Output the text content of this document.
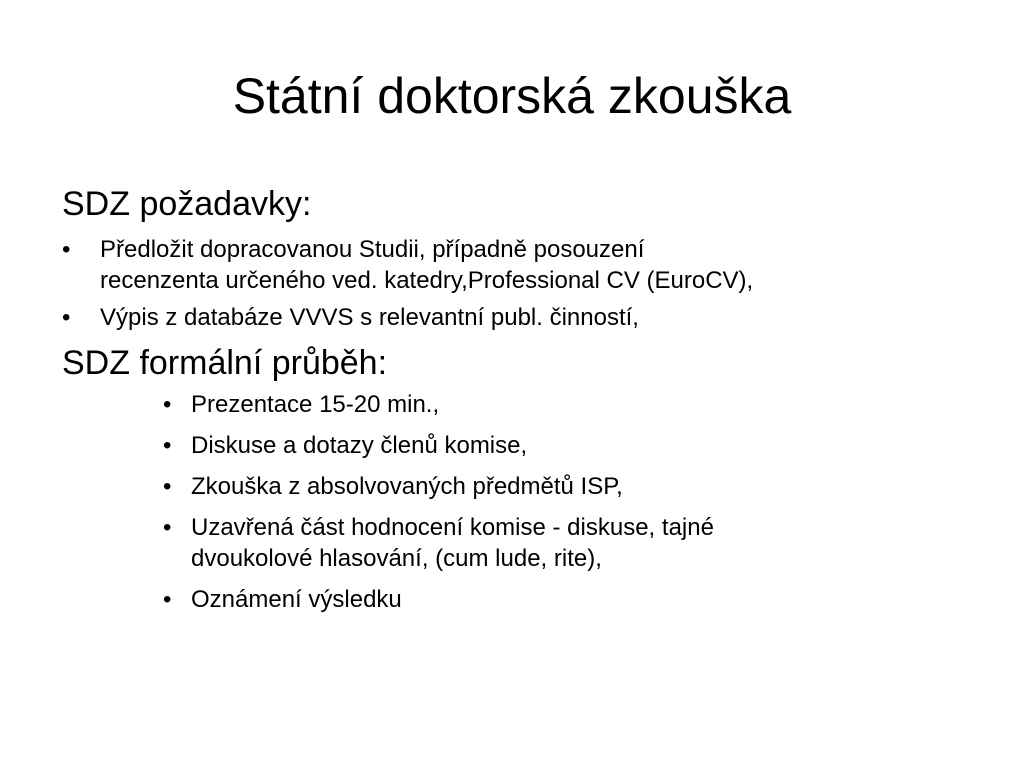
Státní doktorská zkouška
SDZ požadavky:
• Předložit dopracovanou Studii, případně posouzení
recenzenta určeného ved. katedry,Professional CV (EuroCV),
• Výpis z databáze VVVS s relevantní publ. činností,
SDZ formální průběh:
• Prezentace 15-20 min.,
• Diskuse a dotazy členů komise,
• Zkouška z absolvovaných předmětů ISP,
• Uzavřená část hodnocení komise - diskuse, tajné
dvoukolové hlasování, (cum lude, rite),
• Oznámení výsledku
